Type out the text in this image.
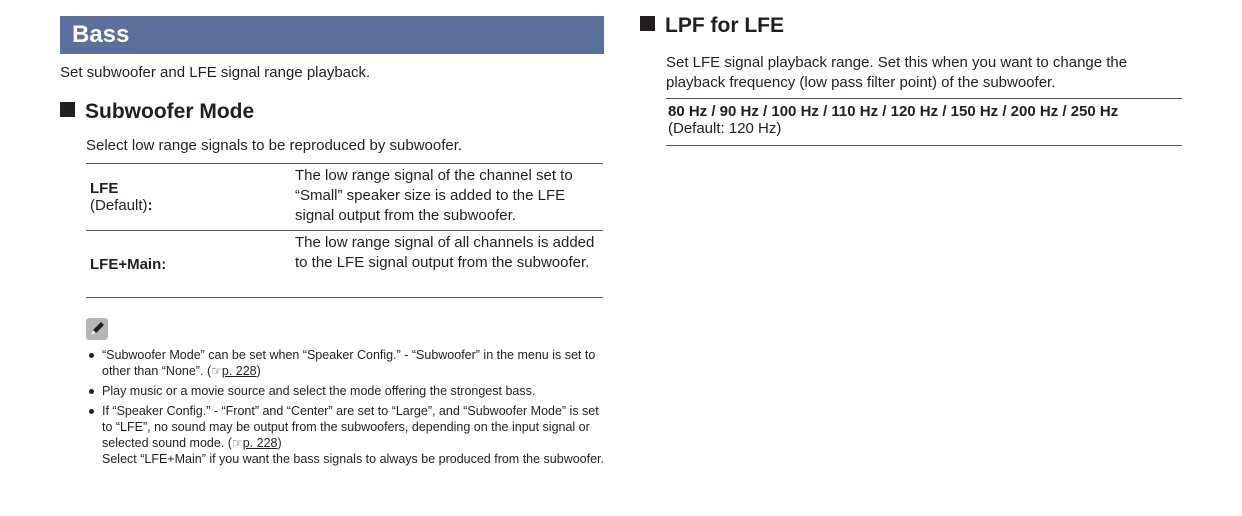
Bass
Set subwoofer and LFE signal range playback.
Subwoofer Mode
Select low range signals to be reproduced by subwoofer.
LFE
(Default):
The low range signal of the channel set to “Small” speaker size is added to the LFE signal output from the subwoofer.
LFE+Main:
The low range signal of all channels is added to the LFE signal output from the subwoofer.
“Subwoofer Mode” can be set when “Speaker Config.” - “Subwoofer” in the menu is set to other than “None”. (☞p. 228)
Play music or a movie source and select the mode offering the strongest bass.
If “Speaker Config.” - “Front” and “Center” are set to “Large”, and “Subwoofer Mode” is set to “LFE”, no sound may be output from the subwoofers, depending on the input signal or selected sound mode. (☞p. 228)
Select “LFE+Main” if you want the bass signals to always be produced from the subwoofer.
LPF for LFE
Set LFE signal playback range. Set this when you want to change the playback frequency (low pass filter point) of the subwoofer.
80 Hz / 90 Hz / 100 Hz / 110 Hz / 120 Hz / 150 Hz / 200 Hz / 250 Hz
(Default: 120 Hz)
